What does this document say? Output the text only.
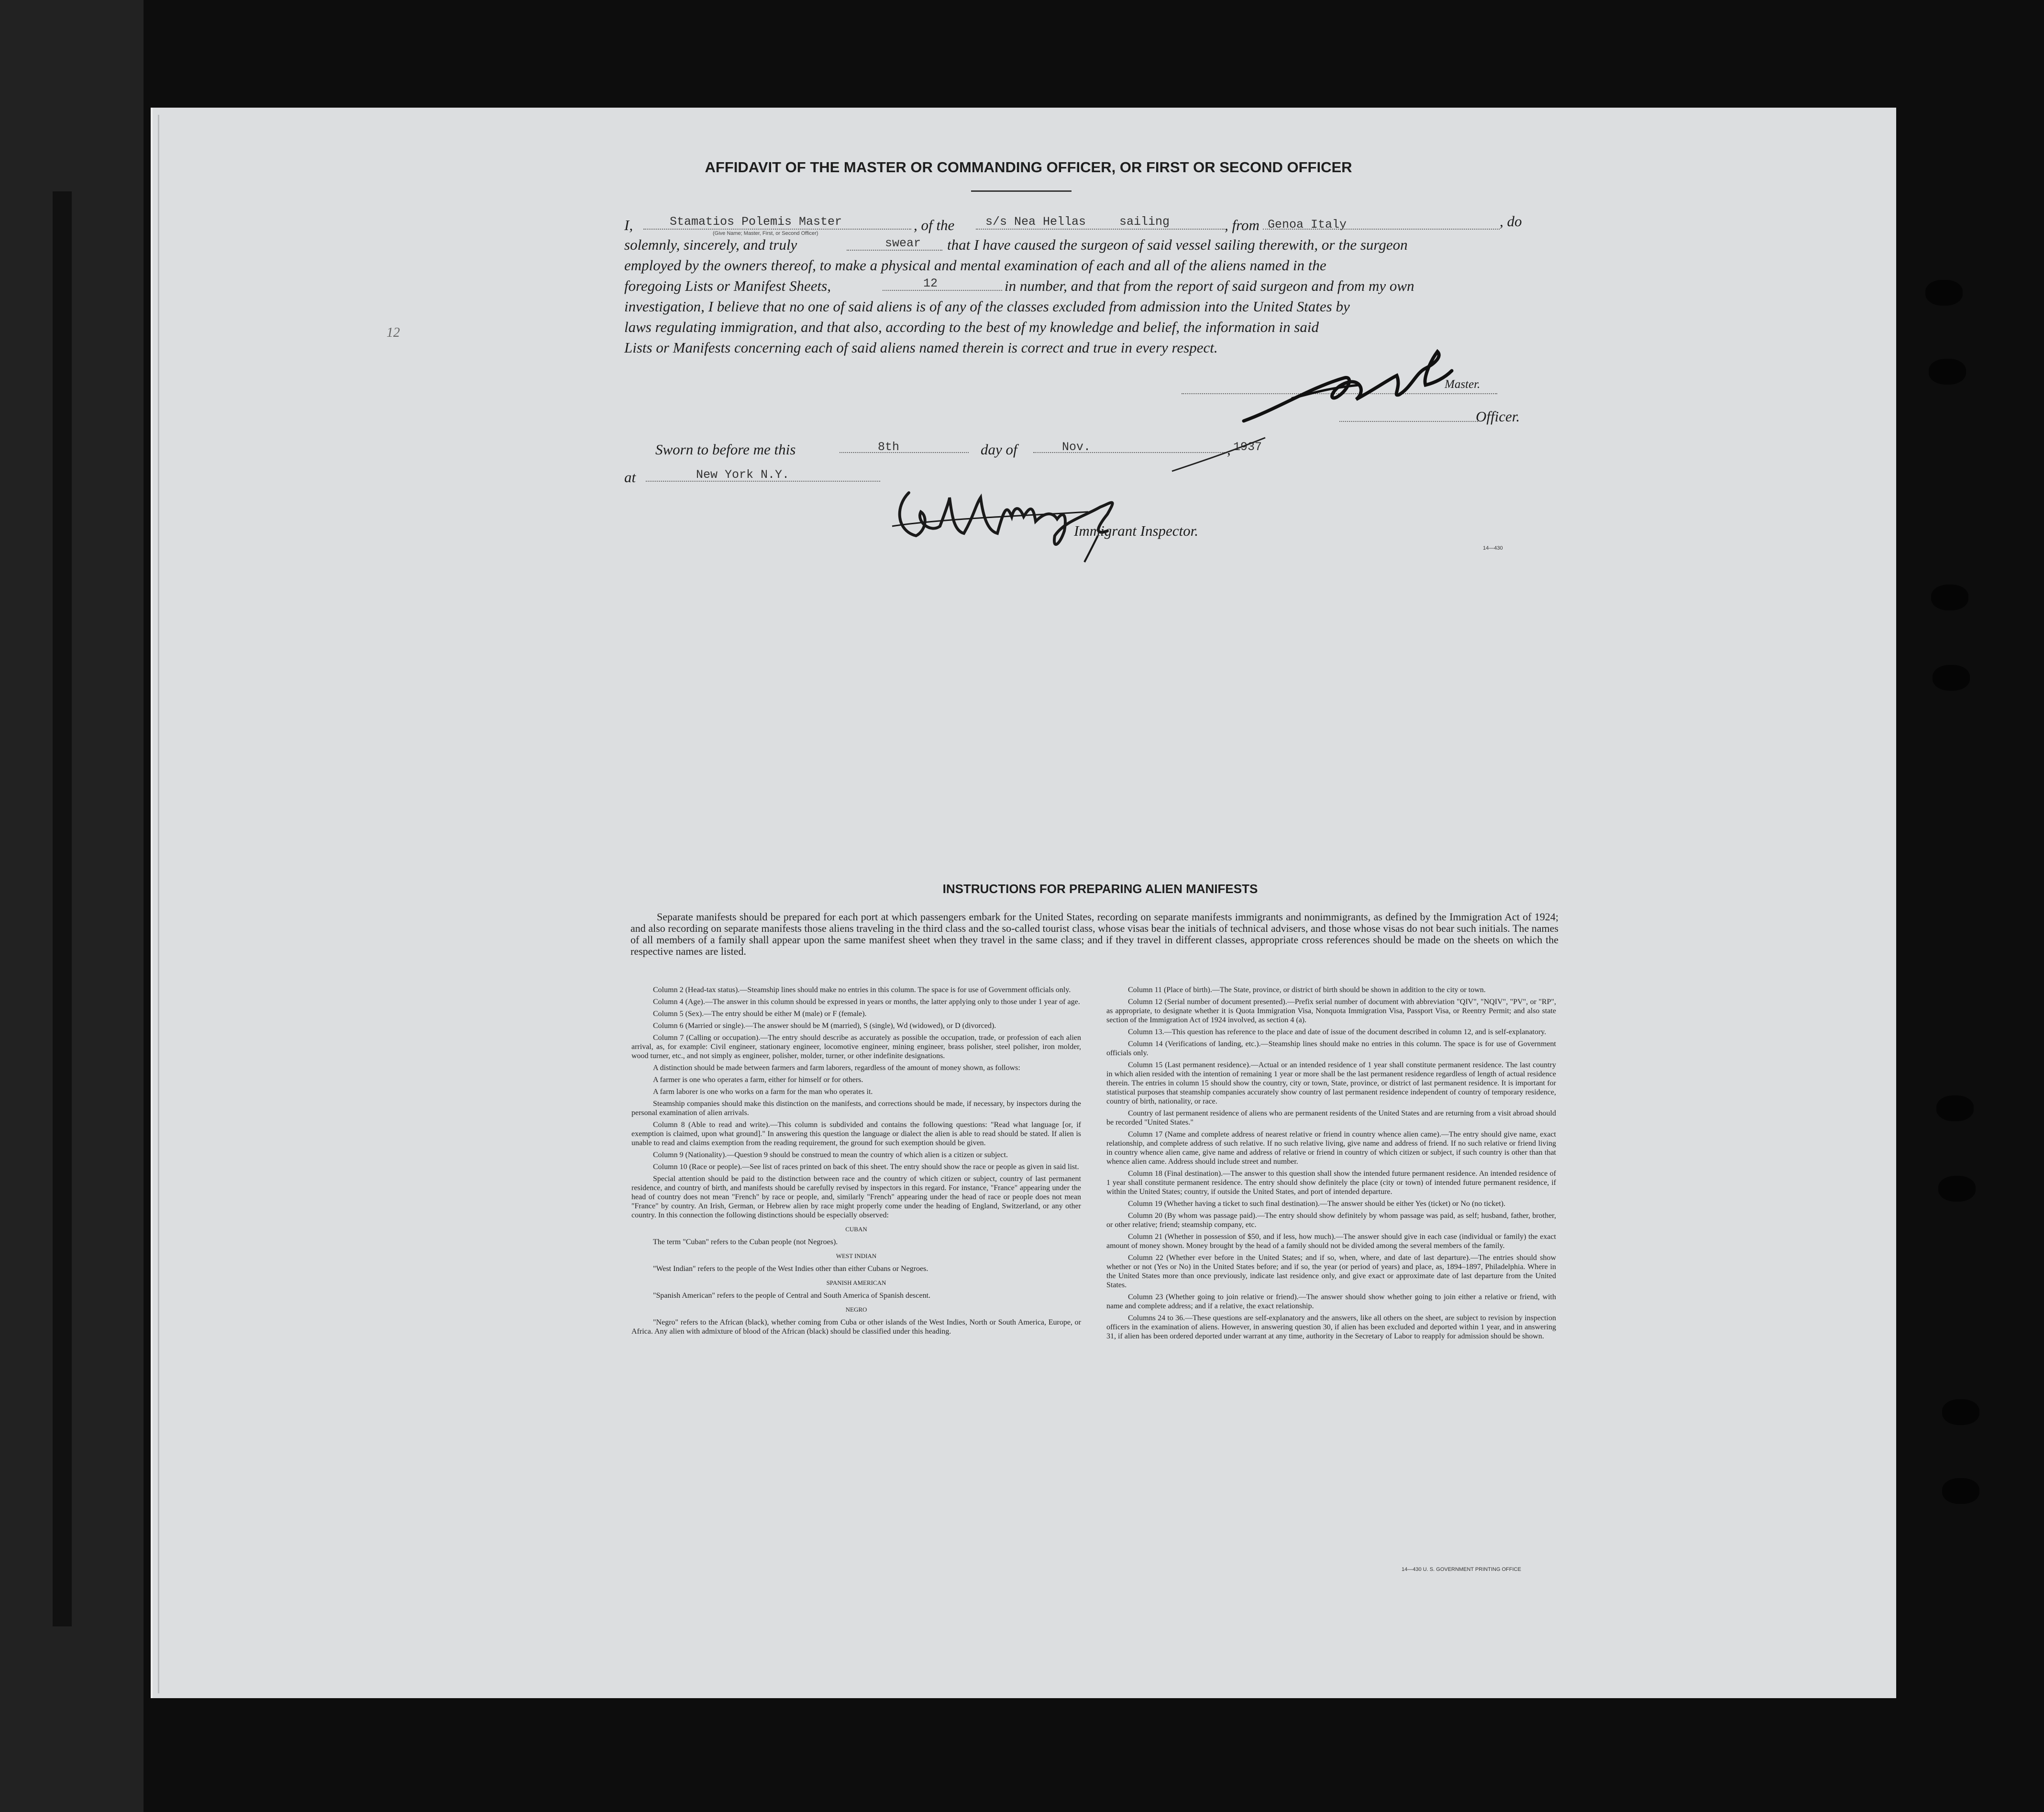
12
AFFIDAVIT OF THE MASTER OR COMMANDING OFFICER, OR FIRST OR SECOND OFFICER
I,	Stamatios Polemis Master
(Give Name; Master, First, or Second Officer)	, of the	s/s Nea Hellas	sailing	, from Genoa Italy	, do
solemnly, sincerely, and truly	swear that I have caused the surgeon of said vessel sailing therewith, or the surgeon
employed by the owners thereof, to make a physical and mental examination of each and all of the aliens named in the
foregoing Lists or Manifest Sheets,	12	in number, and that from the report of said surgeon and from my own
investigation, I believe that no one of said aliens is of any of the classes excluded from admission into the United States by
laws regulating immigration, and that also, according to the best of my knowledge and belief, the information in said
Lists or Manifests concerning each of said aliens named therein is correct and true in every respect.
Master.
Officer.
Sworn to before me this	8th	day of	Nov.	, 1937
at	New York N.Y.
Immigrant Inspector.
14—430
INSTRUCTIONS FOR PREPARING ALIEN MANIFESTS
Separate manifests should be prepared for each port at which passengers embark for the United States, recording on separate manifests immigrants and nonimmigrants, as defined by the Immigration Act of 1924; and also recording on separate manifests those aliens traveling in the third class and the so-called tourist class, whose visas bear the initials of technical advisers, and those whose visas do not bear such initials. The names of all members of a family shall appear upon the same manifest sheet when they travel in the same class; and if they travel in different classes, appropriate cross references should be made on the sheets on which the respective names are listed.

Column 2 (Head-tax status).—Steamship lines should make no entries in this column. The space is for use of Government officials only.

Column 4 (Age).—The answer in this column should be expressed in years or months, the latter applying only to those under 1 year of age.

Column 5 (Sex).—The entry should be either M (male) or F (female).

Column 6 (Married or single).—The answer should be M (married), S (single), Wd (widowed), or D (divorced).

Column 7 (Calling or occupation).—The entry should describe as accurately as possible the occupation, trade, or profession of each alien arrival, as, for example: Civil engineer, stationary engineer, locomotive engineer, mining engineer, brass polisher, steel polisher, iron molder, wood turner, etc., and not simply as engineer, polisher, molder, turner, or other indefinite designations.

A distinction should be made between farmers and farm laborers, regardless of the amount of money shown, as follows:

A farmer is one who operates a farm, either for himself or for others.

A farm laborer is one who works on a farm for the man who operates it.

Steamship companies should make this distinction on the manifests, and corrections should be made, if necessary, by inspectors during the personal examination of alien arrivals.

Column 8 (Able to read and write).—This column is subdivided and contains the following questions: "Read what language [or, if exemption is claimed, upon what ground]." In answering this question the language or dialect the alien is able to read should be stated. If alien is unable to read and claims exemption from the reading requirement, the ground for such exemption should be given.

Column 9 (Nationality).—Question 9 should be construed to mean the country of which alien is a citizen or subject.

Column 10 (Race or people).—See list of races printed on back of this sheet. The entry should show the race or people as given in said list.

Special attention should be paid to the distinction between race and the country of which citizen or subject, country of last permanent residence, and country of birth, and manifests should be carefully revised by inspectors in this regard. For instance, "France" appearing under the head of country does not mean "French" by race or people, and, similarly "French" appearing under the head of race or people does not mean "France" by country. An Irish, German, or Hebrew alien by race might properly come under the heading of England, Switzerland, or any other country. In this connection the following distinctions should be especially observed:

CUBAN

The term "Cuban" refers to the Cuban people (not Negroes).

WEST INDIAN

"West Indian" refers to the people of the West Indies other than either Cubans or Negroes.

SPANISH AMERICAN

"Spanish American" refers to the people of Central and South America of Spanish descent.

NEGRO

"Negro" refers to the African (black), whether coming from Cuba or other islands of the West Indies, North or South America, Europe, or Africa. Any alien with admixture of blood of the African (black) should be classified under this heading.

Column 11 (Place of birth).—The State, province, or district of birth should be shown in addition to the city or town.

Column 12 (Serial number of document presented).—Prefix serial number of document with abbreviation "QIV", "NQIV", "PV", or "RP", as appropriate, to designate whether it is Quota Immigration Visa, Nonquota Immigration Visa, Passport Visa, or Reentry Permit; and also state section of the Immigration Act of 1924 involved, as section 4 (a).

Column 13.—This question has reference to the place and date of issue of the document described in column 12, and is self-explanatory.

Column 14 (Verifications of landing, etc.).—Steamship lines should make no entries in this column. The space is for use of Government officials only.

Column 15 (Last permanent residence).—Actual or an intended residence of 1 year shall constitute permanent residence. The last country in which alien resided with the intention of remaining 1 year or more shall be the last permanent residence regardless of length of actual residence therein. The entries in column 15 should show the country, city or town, State, province, or district of last permanent residence. It is important for statistical purposes that steamship companies accurately show country of last permanent residence independent of country of temporary residence, country of birth, nationality, or race.

Country of last permanent residence of aliens who are permanent residents of the United States and are returning from a visit abroad should be recorded "United States."

Column 17 (Name and complete address of nearest relative or friend in country whence alien came).—The entry should give name, exact relationship, and complete address of such relative. If no such relative living, give name and address of friend. If no such relative or friend living in country whence alien came, give name and address of relative or friend in country of which citizen or subject, if such country is other than that whence alien came. Address should include street and number.

Column 18 (Final destination).—The answer to this question shall show the intended future permanent residence. An intended residence of 1 year shall constitute permanent residence. The entry should show definitely the place (city or town) of intended future permanent residence, if within the United States; country, if outside the United States, and port of intended departure.

Column 19 (Whether having a ticket to such final destination).—The answer should be either Yes (ticket) or No (no ticket).

Column 20 (By whom was passage paid).—The entry should show definitely by whom passage was paid, as self; husband, father, brother, or other relative; friend; steamship company, etc.

Column 21 (Whether in possession of $50, and if less, how much).—The answer should give in each case (individual or family) the exact amount of money shown. Money brought by the head of a family should not be divided among the several members of the family.

Column 22 (Whether ever before in the United States; and if so, when, where, and date of last departure).—The entries should show whether or not (Yes or No) in the United States before; and if so, the year (or period of years) and place, as, 1894–1897, Philadelphia. Where in the United States more than once previously, indicate last residence only, and give exact or approximate date of last departure from the United States.

Column 23 (Whether going to join relative or friend).—The answer should show whether going to join either a relative or friend, with name and complete address; and if a relative, the exact relationship.

Columns 24 to 36.—These questions are self-explanatory and the answers, like all others on the sheet, are subject to revision by inspection officers in the examination of aliens. However, in answering question 30, if alien has been excluded and deported within 1 year, and in answering 31, if alien has been ordered deported under warrant at any time, authority in the Secretary of Labor to reapply for admission should be shown.

14—430 U. S. GOVERNMENT PRINTING OFFICE
